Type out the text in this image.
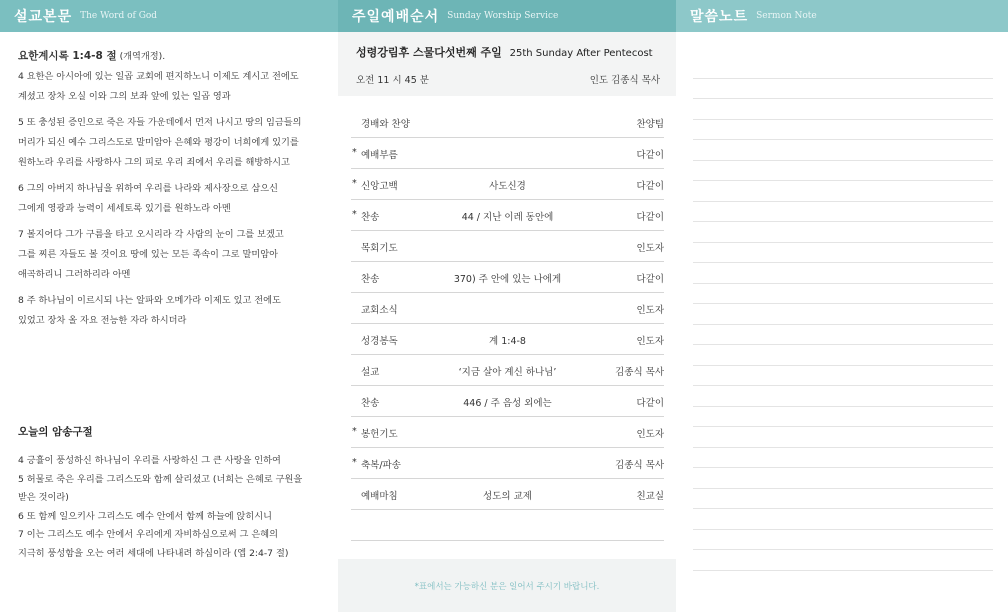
설교본문 The Word of God
요한계시록 1:4-8 절 (개역개정).
4 요한은 아시아에 있는 일곱 교회에 편지하노니 이제도 계시고 전에도
계셨고 장차 오실 이와 그의 보좌 앞에 있는 일곱 영과
5 또 충성된 증인으로 죽은 자들 가운데에서 먼저 나시고 땅의 임금들의
머리가 되신 예수 그리스도로 말미암아 은혜와 평강이 너희에게 있기를
원하노라 우리를 사랑하사 그의 피로 우리 죄에서 우리를 해방하시고
6 그의 아버지 하나님을 위하여 우리를 나라와 제사장으로 삼으신
그에게 영광과 능력이 세세토록 있기를 원하노라 아멘
7 볼지어다 그가 구름을 타고 오시리라 각 사람의 눈이 그를 보겠고
그를 찌른 자들도 볼 것이요 땅에 있는 모든 족속이 그로 말미암아
애곡하리니 그러하리라 아멘
8 주 하나님이 이르시되 나는 알파와 오메가라 이제도 있고 전에도
있었고 장차 올 자요 전능한 자라 하시더라
오늘의 암송구절
4 긍휼이 풍성하신 하나님이 우리를 사랑하신 그 큰 사랑을 인하여
5 허물로 죽은 우리를 그리스도와 함께 살리셨고 (너희는 은혜로 구원을
받은 것이라)
6 또 함께 일으키사 그리스도 예수 안에서 함께 하늘에 앉히시니
7 이는 그리스도 예수 안에서 우리에게 자비하심으로써 그 은혜의
지극히 풍성함을 오는 여러 세대에 나타내려 하심이라 (엡 2:4-7 절)
주일예배순서 Sunday Worship Service
성령강림후 스물다섯번째 주일 25th Sunday After Pentecost
오전 11 시 45 분	인도 김종식 목사
경배와 찬양	찬양팀
* 예배부름	다같이
* 신앙고백	사도신경	다같이
* 찬송	44 / 지난 이레 동안에	다같이
목회기도	인도자
찬송	370) 주 안에 있는 나에게	다같이
교회소식	인도자
성경봉독	계 1:4-8	인도자
설교	‘지금 살아 계신 하나님’	김종식 목사
찬송	446 / 주 음성 외에는	다같이
* 봉헌기도	인도자
* 축복/파송	김종식 목사
예배마침	성도의 교제	친교실
*표에서는 가능하신 분은 일어서 주시기 바랍니다.
말씀노트 Sermon Note
